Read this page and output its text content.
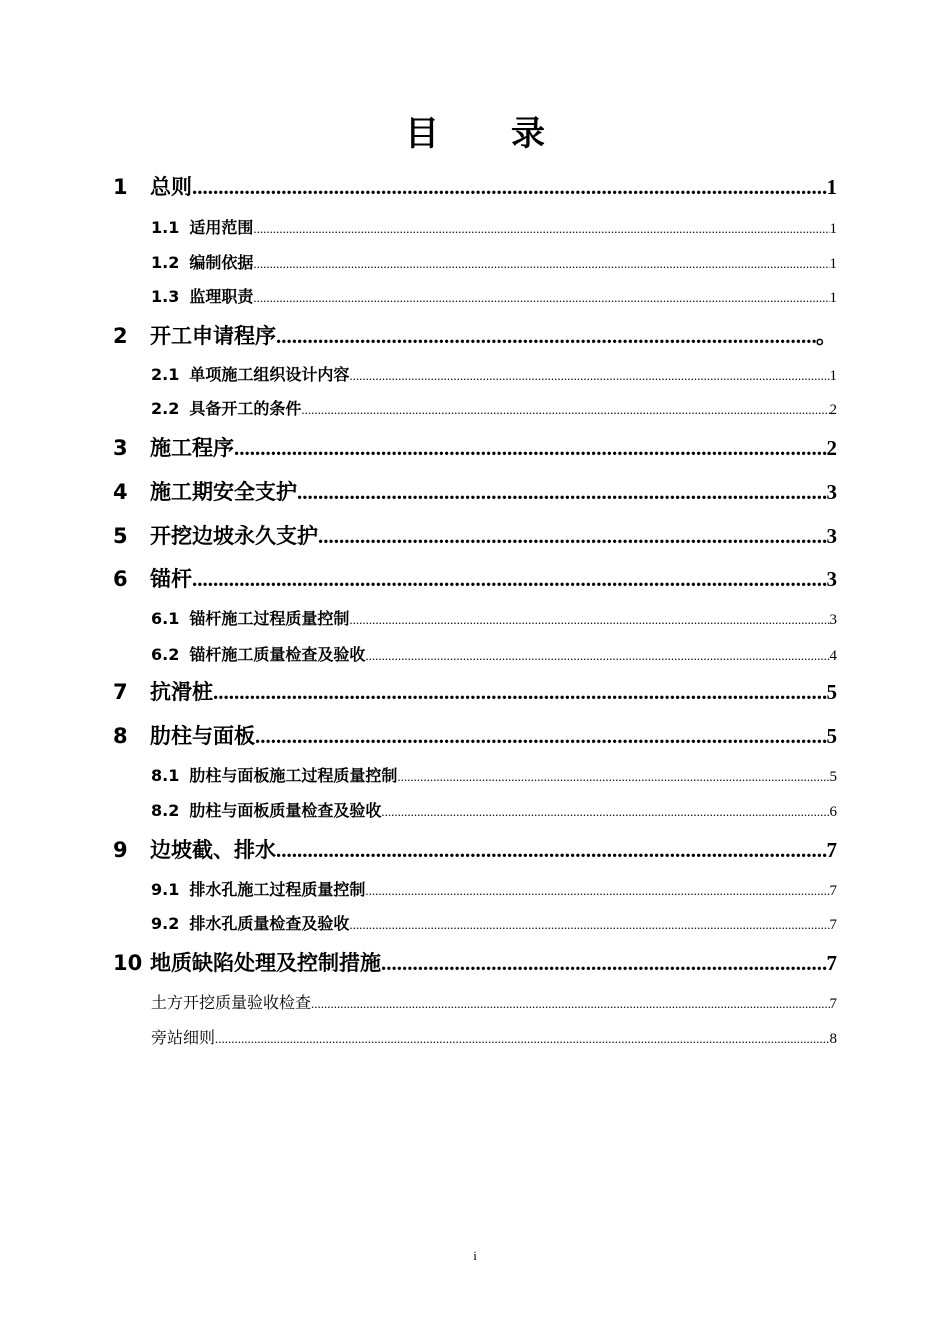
目录
1	总则 .....	1
1.1 适用范围 .....	1
1.2 编制依据 .....	1
1.3 监理职责 .....	1
2	开工申请程序 .....	。
2.1 单项施工组织设计内容 .....	1
2.2 具备开工的条件 .....	2
3	施工程序 .....	2
4	施工期安全支护 .....	3
5	开挖边坡永久支护 .....	3
6	锚杆 .....	3
6.1 锚杆施工过程质量控制 .....	3
6.2 锚杆施工质量检查及验收 .....	4
7	抗滑桩 .....	5
8	肋柱与面板 .....	5
8.1 肋柱与面板施工过程质量控制 .....	5
8.2 肋柱与面板质量检查及验收 .....	6
9	边坡截、排水 .....	7
9.1 排水孔施工过程质量控制 .....	7
9.2 排水孔质量检查及验收 .....	7
10 地质缺陷处理及控制措施 .....	7
土方开挖质量验收检查 .....	7
旁站细则 .....	8
i
